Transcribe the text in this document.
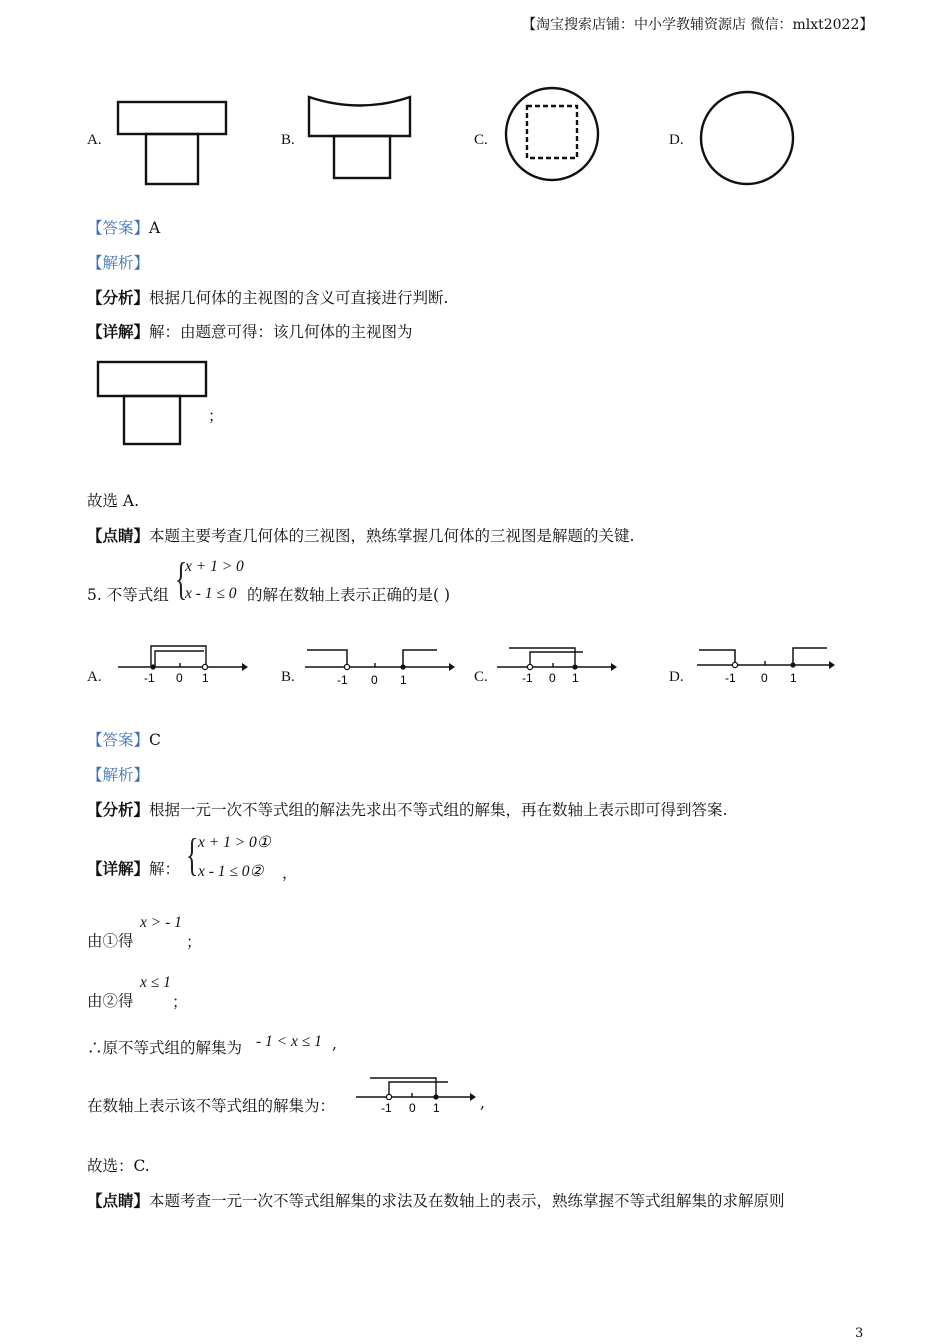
【淘宝搜索店铺：中小学教辅资源店 微信：mlxt2022】
A.	B.	C.	D.
【答案】A
【解析】
【分析】根据几何体的主视图的含义可直接进行判断.
【详解】解：由题意可得：该几何体的主视图为
；
故选 A.
【点睛】本题主要考查几何体的三视图，熟练掌握几何体的三视图是解题的关键.
5. 不等式组 {
x + 1 > 0
x - 1 ≤ 0 的解在数轴上表示正确的是( )
A.	-1 0 1	B.	-1 0 1	C.	-1 0 1	D.	-1 0 1
【答案】C
【解析】
【分析】根据一元一次不等式组的解法先求出不等式组的解集，再在数轴上表示即可得到答案.
【详解】解： { x + 1 > 0①
x - 1 ≤ 0② ，
由①得
x > - 1
；
由②得
x ≤ 1
；
∴原不等式组的解集为 - 1 < x ≤ 1 ,
在数轴上表示该不等式组的解集为：	-1 0 1	,
故选：C.
【点睛】本题考查一元一次不等式组解集的求法及在数轴上的表示，熟练掌握不等式组解集的求解原则
3
